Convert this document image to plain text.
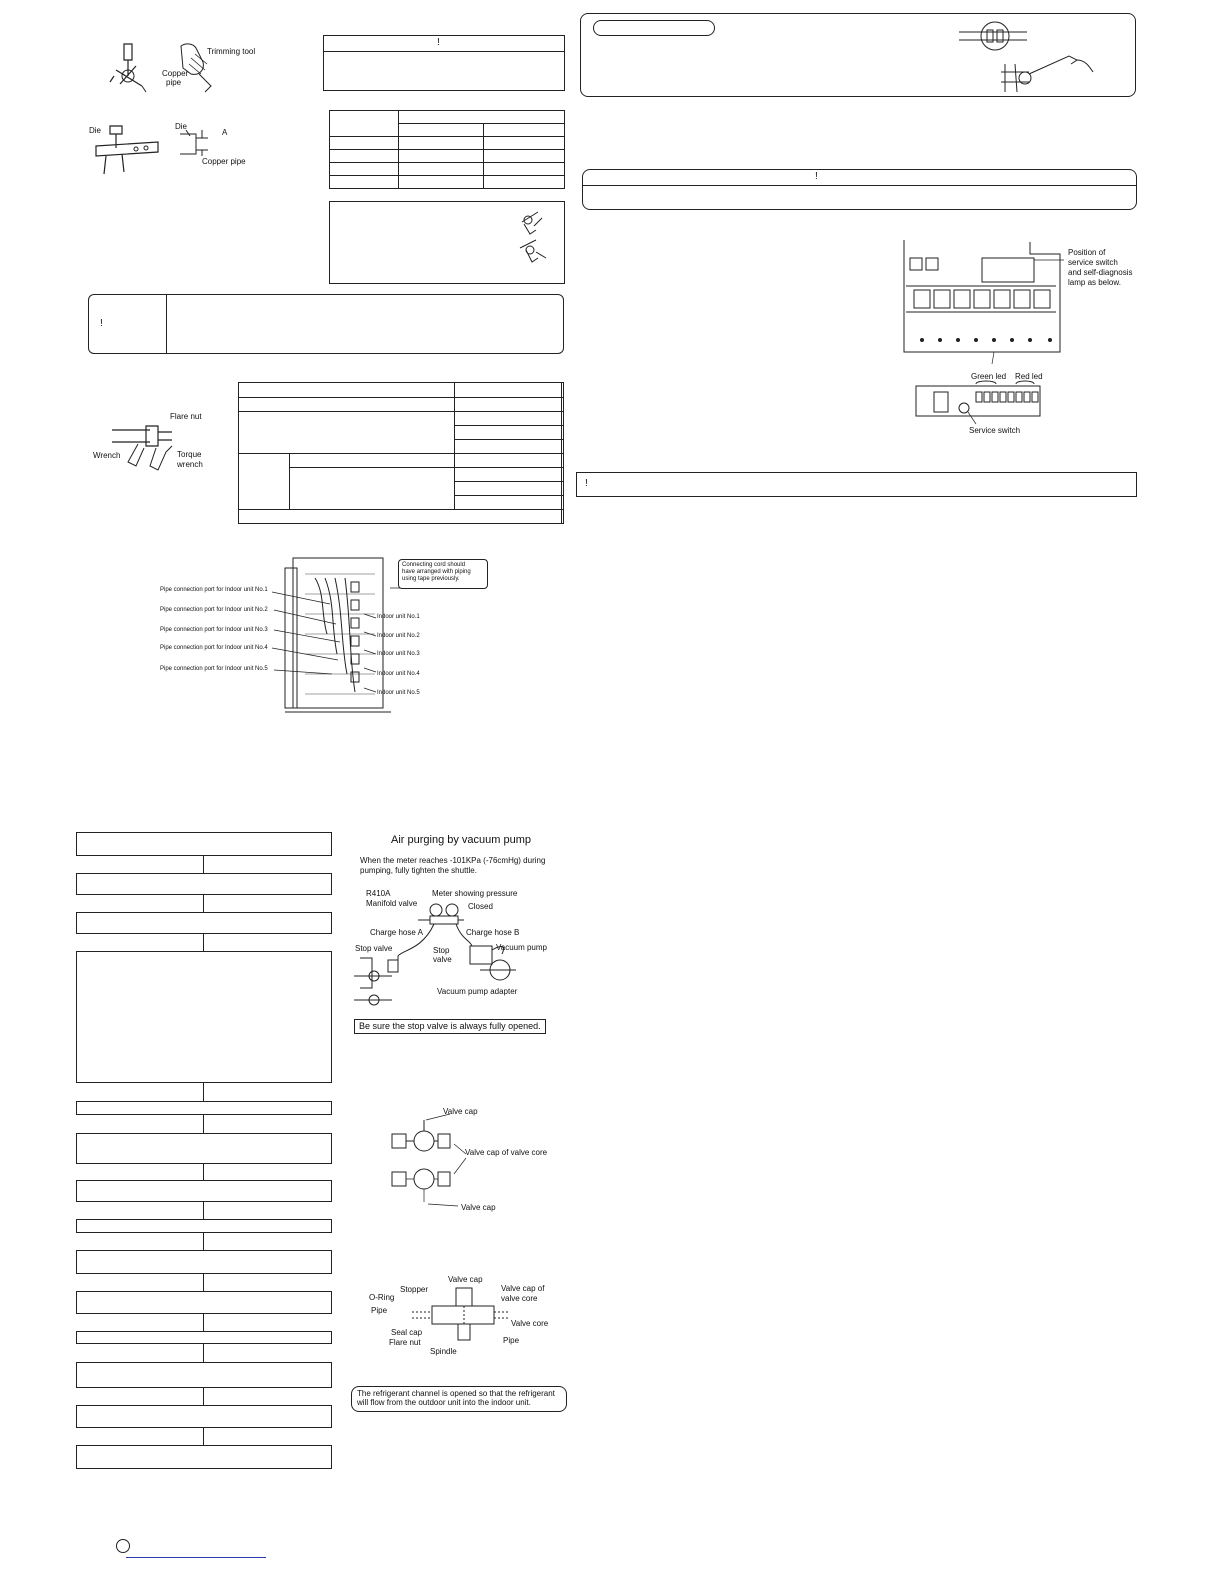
Trimming tool
Copper
pipe
Die	Die
A
Copper pipe
!

!
Flare nut
Wrench	Torque
wrench

Pipe connection port for Indoor unit No.1
Pipe connection port for Indoor unit No.2
Pipe connection port for Indoor unit No.3
Pipe connection port for Indoor unit No.4
Pipe connection port for Indoor unit No.5
Indoor unit No.1
Indoor unit No.2
Indoor unit No.3
Indoor unit No.4
Indoor unit No.5
Connecting cord should
have arranged with piping
using tape previously.
Air purging by vacuum pump
When the meter reaches -101KPa (-76cmHg) during
pumping, fully tighten the shuttle.
Meter showing pressure
R410A
Manifold valve	Closed
Charge hose A	Charge hose B
Stop valve	Stop
valve
Vacuum pump
Vacuum pump adapter
Be sure the stop valve is always fully opened.
Valve cap
Valve cap of valve core
Valve cap
Valve cap
Stopper	Valve cap of
valve core
O-Ring
Pipe
Valve core
Seal cap
Pipe
Flare nut
Spindle
The refrigerant channel is opened so that the refrigerant
will flow from the outdoor unit into the indoor unit.
!
Position of
service switch
and self-diagnosis
lamp as below.
Green led Red led
Service switch
!
